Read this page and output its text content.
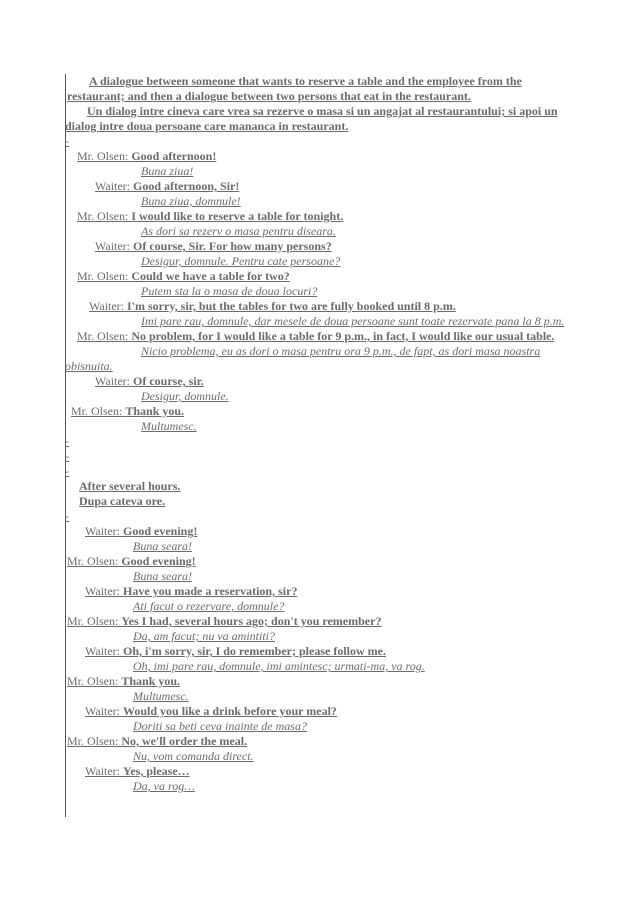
A dialogue between someone that wants to reserve a table and the employee from the restaurant; and then a dialogue between two persons that eat in the restaurant.
Un dialog intre cineva care vrea sa rezerve o masa si un angajat al restaurantului; si apoi un dialog intre doua persoane care mananca in restaurant.
-
Mr. Olsen: Good afternoon!
Buna ziua!
Waiter: Good afternoon, Sir!
Buna ziua, domnule!
Mr. Olsen: I would like to reserve a table for tonight.
As dori sa rezerv o masa pentru diseara.
Waiter: Of course, Sir. For how many persons?
Desigur, domnule. Pentru cate persoane?
Mr. Olsen: Could we have a table for two?
Putem sta la o masa de doua locuri?
Waiter: I'm sorry, sir, but the tables for two are fully booked until 8 p.m.
Imi pare rau, domnule, dar mesele de doua persoane sunt toate rezervate pana la 8 p.m.
Mr. Olsen: No problem, for I would like a table for 9 p.m., in fact, I would like our usual table.
Nicio problema, eu as dori o masa pentru ora 9 p.m., de fapt, as dori masa noastra obisnuita.
Waiter: Of course, sir.
Desigur, domnule.
Mr. Olsen: Thank you.
Multumesc.
-
-
-
After several hours.
Dupa cateva ore.
-
Waiter: Good evening!
Buna seara!
Mr. Olsen: Good evening!
Buna seara!
Waiter: Have you made a reservation, sir?
Ati facut o rezervare, domnule?
Mr. Olsen: Yes I had, several hours ago; don't you remember?
Da, am facut; nu va amintiti?
Waiter: Oh, i'm sorry, sir, I do remember; please follow me.
Oh, imi pare rau, domnule, imi amintesc; urmati-ma, va rog.
Mr. Olsen: Thank you.
Multumesc.
Waiter: Would you like a drink before your meal?
Doriti sa beti ceva inainte de masa?
Mr. Olsen: No, we'll order the meal.
Nu, vom comanda direct.
Waiter: Yes, please…
Da, va rog…
